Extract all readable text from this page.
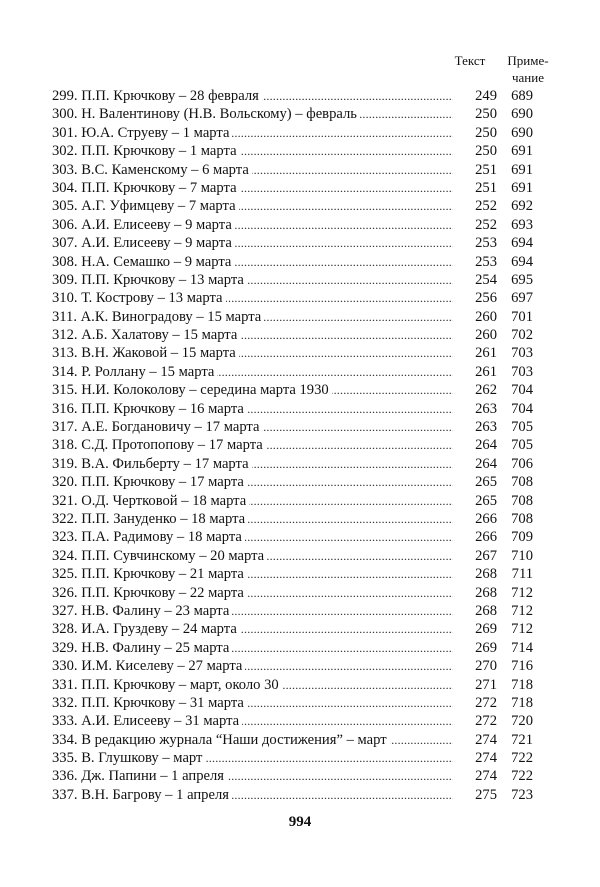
Текст	Приме-
чание
299. П.П. Крючкову – 28 февраля .....	249 689
300. Н. Валентинову (Н.В. Вольскому) – февраль .....	250 690
301. Ю.А. Струеву – 1 марта .....	250 690
302. П.П. Крючкову – 1 марта .....	250 691
303. В.С. Каменскому – 6 марта .....	251 691
304. П.П. Крючкову – 7 марта .....	251 691
305. А.Г. Уфимцеву – 7 марта .....	252 692
306. А.И. Елисееву – 9 марта .....	252 693
307. А.И. Елисееву – 9 марта .....	253 694
308. Н.А. Семашко – 9 марта .....	253 694
309. П.П. Крючкову – 13 марта .....	254 695
310. Т. Кострову – 13 марта .....	256 697
311. А.К. Виноградову – 15 марта .....	260 701
312. А.Б. Халатову – 15 марта .....	260 702
313. В.Н. Жаковой – 15 марта .....	261 703
314. Р. Роллану – 15 марта .....	261 703
315. Н.И. Колоколову – середина марта 1930 .....	262 704
316. П.П. Крючкову – 16 марта .....	263 704
317. А.Е. Богдановичу – 17 марта .....	263 705
318. С.Д. Протопопову – 17 марта .....	264 705
319. В.А. Фильберту – 17 марта .....	264 706
320. П.П. Крючкову – 17 марта .....	265 708
321. О.Д. Чертковой – 18 марта .....	265 708
322. П.П. Зануденко – 18 марта .....	266 708
323. П.А. Радимову – 18 марта .....	266 709
324. П.П. Сувчинскому – 20 марта .....	267 710
325. П.П. Крючкову – 21 марта .....	268	711
326. П.П. Крючкову – 22 марта .....	268 712
327. Н.В. Фалину – 23 марта .....	268 712
328. И.А. Груздеву – 24 марта .....	269 712
329. Н.В. Фалину – 25 марта .....	269 714
330. И.М. Киселеву – 27 марта .....	270 716
331. П.П. Крючкову – март, около 30 .....	271 718
332. П.П. Крючкову – 31 марта .....	272 718
333. А.И. Елисееву – 31 марта .....	272 720
334. В редакцию журнала “Наши достижения” – март .....	274 721
335. В. Глушкову – март .....	274 722
336. Дж. Папини – 1 апреля .....	274 722
337. В.Н. Багрову – 1 апреля .....	275 723
994
